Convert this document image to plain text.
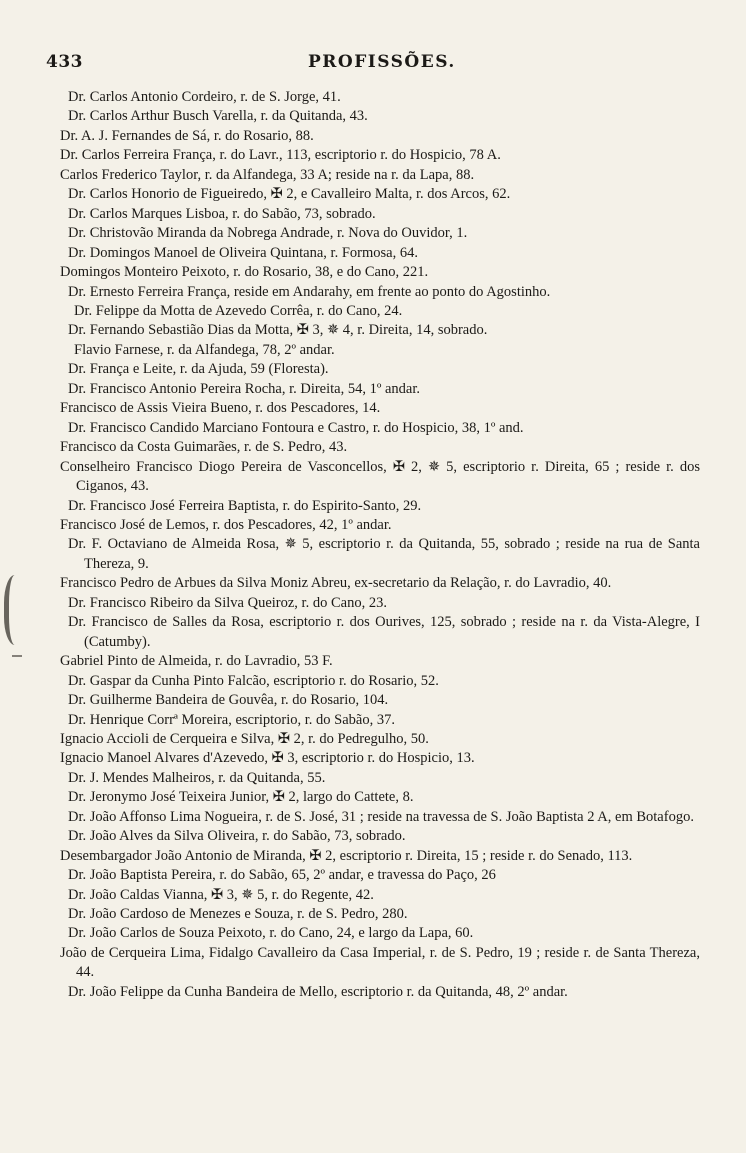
433	PROFISSÕES.

Dr. Carlos Antonio Cordeiro, r. de S. Jorge, 41.

Dr. Carlos Arthur Busch Varella, r. da Quitanda, 43.

Dr. A. J. Fernandes de Sá, r. do Rosario, 88.

Dr. Carlos Ferreira França, r. do Lavr., 113, escriptorio r. do Hospicio, 78 A.

Carlos Frederico Taylor, r. da Alfandega, 33 A; reside na r. da Lapa, 88.

Dr. Carlos Honorio de Figueiredo, ✠ 2, e Cavalleiro Malta, r. dos Arcos, 62.

Dr. Carlos Marques Lisboa, r. do Sabão, 73, sobrado.

Dr. Christovão Miranda da Nobrega Andrade, r. Nova do Ouvidor, 1.

Dr. Domingos Manoel de Oliveira Quintana, r. Formosa, 64.

Domingos Monteiro Peixoto, r. do Rosario, 38, e do Cano, 221.

Dr. Ernesto Ferreira França, reside em Andarahy, em frente ao ponto do Agostinho.

Dr. Felippe da Motta de Azevedo Corrêa, r. do Cano, 24.

Dr. Fernando Sebastião Dias da Motta, ✠ 3, ✵ 4, r. Direita, 14, sobrado.

Flavio Farnese, r. da Alfandega, 78, 2º andar.

Dr. França e Leite, r. da Ajuda, 59 (Floresta).

Dr. Francisco Antonio Pereira Rocha, r. Direita, 54, 1º andar.

Francisco de Assis Vieira Bueno, r. dos Pescadores, 14.

Dr. Francisco Candido Marciano Fontoura e Castro, r. do Hospicio, 38, 1º and.

Francisco da Costa Guimarães, r. de S. Pedro, 43.

Conselheiro Francisco Diogo Pereira de Vasconcellos, ✠ 2, ✵ 5, escriptorio r. Direita, 65 ; reside r. dos Ciganos, 43.

Dr. Francisco José Ferreira Baptista, r. do Espirito-Santo, 29.

Francisco José de Lemos, r. dos Pescadores, 42, 1º andar.

Dr. F. Octaviano de Almeida Rosa, ✵ 5, escriptorio r. da Quitanda, 55, sobrado ; reside na rua de Santa Thereza, 9.

Francisco Pedro de Arbues da Silva Moniz Abreu, ex-secretario da Relação, r. do Lavradio, 40.

Dr. Francisco Ribeiro da Silva Queiroz, r. do Cano, 23.

Dr. Francisco de Salles da Rosa, escriptorio r. dos Ourives, 125, sobrado ; reside na r. da Vista-Alegre, I (Catumby).

Gabriel Pinto de Almeida, r. do Lavradio, 53 F.

Dr. Gaspar da Cunha Pinto Falcão, escriptorio r. do Rosario, 52.

Dr. Guilherme Bandeira de Gouvêa, r. do Rosario, 104.

Dr. Henrique Corrª Moreira, escriptorio, r. do Sabão, 37.

Ignacio Accioli de Cerqueira e Silva, ✠ 2, r. do Pedregulho, 50.

Ignacio Manoel Alvares d'Azevedo, ✠ 3, escriptorio r. do Hospicio, 13.

Dr. J. Mendes Malheiros, r. da Quitanda, 55.

Dr. Jeronymo José Teixeira Junior, ✠ 2, largo do Cattete, 8.

Dr. João Affonso Lima Nogueira, r. de S. José, 31 ; reside na travessa de S. João Baptista 2 A, em Botafogo.

Dr. João Alves da Silva Oliveira, r. do Sabão, 73, sobrado.

Desembargador João Antonio de Miranda, ✠ 2, escriptorio r. Direita, 15 ; reside r. do Senado, 113.

Dr. João Baptista Pereira, r. do Sabão, 65, 2º andar, e travessa do Paço, 26

Dr. João Caldas Vianna, ✠ 3, ✵ 5, r. do Regente, 42.

Dr. João Cardoso de Menezes e Souza, r. de S. Pedro, 280.

Dr. João Carlos de Souza Peixoto, r. do Cano, 24, e largo da Lapa, 60.

João de Cerqueira Lima, Fidalgo Cavalleiro da Casa Imperial, r. de S. Pedro, 19 ; reside r. de Santa Thereza, 44.

Dr. João Felippe da Cunha Bandeira de Mello, escriptorio r. da Quitanda, 48, 2º andar.
